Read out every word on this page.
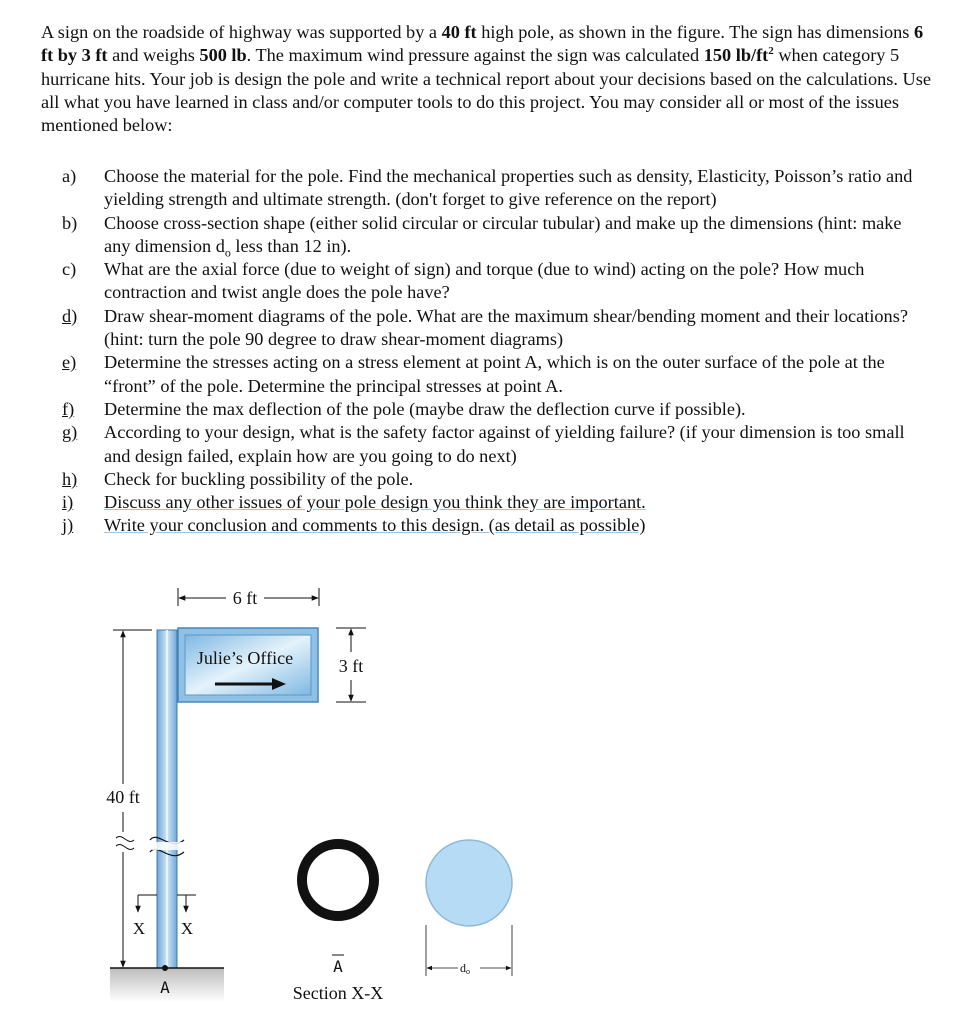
A sign on the roadside of highway was supported by a 40 ft high pole, as shown in the figure. The sign has dimensions 6 ft by 3 ft and weighs 500 lb. The maximum wind pressure against the sign was calculated 150 $lb/ft^2$ when category 5 hurricane hits. Your job is design the pole and write a technical report about your decisions based on the calculations. Use all what you have learned in class and/or computer tools to do this project. You may consider all or most of the issues mentioned below:

a)	Choose the material for the pole. Find the mechanical properties such as density, Elasticity, Poisson’s ratio and yielding strength and ultimate strength. (don't forget to give reference on the report)
b)	Choose cross-section shape (either solid circular or circular tubular) and make up the dimensions (hint: make any dimension $d_o$ less than 12 in).
c)	What are the axial force (due to weight of sign) and torque (due to wind) acting on the pole? How much contraction and twist angle does the pole have?
d)	Draw shear-moment diagrams of the pole. What are the maximum shear/bending moment and their locations? (hint: turn the pole 90 degree to draw shear-moment diagrams)
e)	Determine the stresses acting on a stress element at point A, which is on the outer surface of the pole at the “front” of the pole. Determine the principal stresses at point A.
f)	Determine the max deflection of the pole (maybe draw the deflection curve if possible).
g)	According to your design, what is the safety factor against of yielding failure? (if your dimension is too small and design failed, explain how are you going to do next)
h)	Check for buckling possibility of the pole.
i)	Discuss any other issues of your pole design you think they are important.
j)	Write your conclusion and comments to this design. (as detail as possible)
6 ft
Julie’s Office	3 ft
40 ft
X X
A
A
Section X-X
do
